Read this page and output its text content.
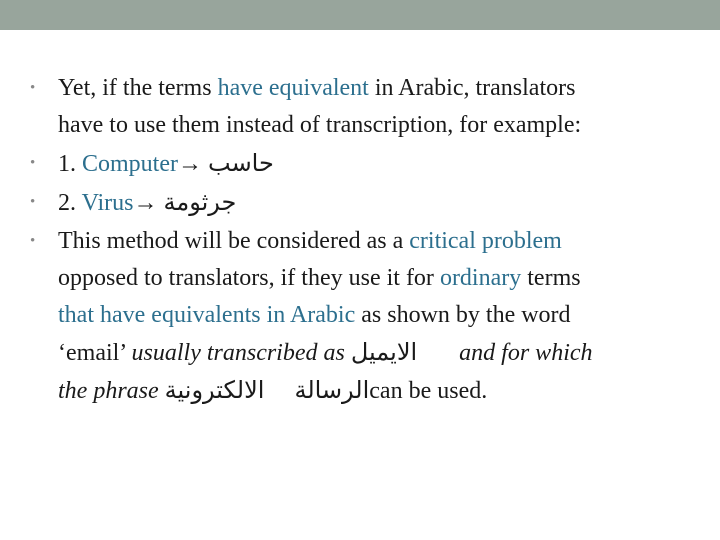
• Yet, if the terms have equivalent in Arabic, translators
have to use them instead of transcription, for example:
• 1. Computer→ حاسب
• 2. Virus→ جرثومة
• This method will be considered as a critical problem
opposed to translators, if they use it for ordinary terms
that have equivalents in Arabic as shown by the word
‘email’ usually transcribed as الايميل and for which
the phrase الالكترونية الرسالةcan be used.
